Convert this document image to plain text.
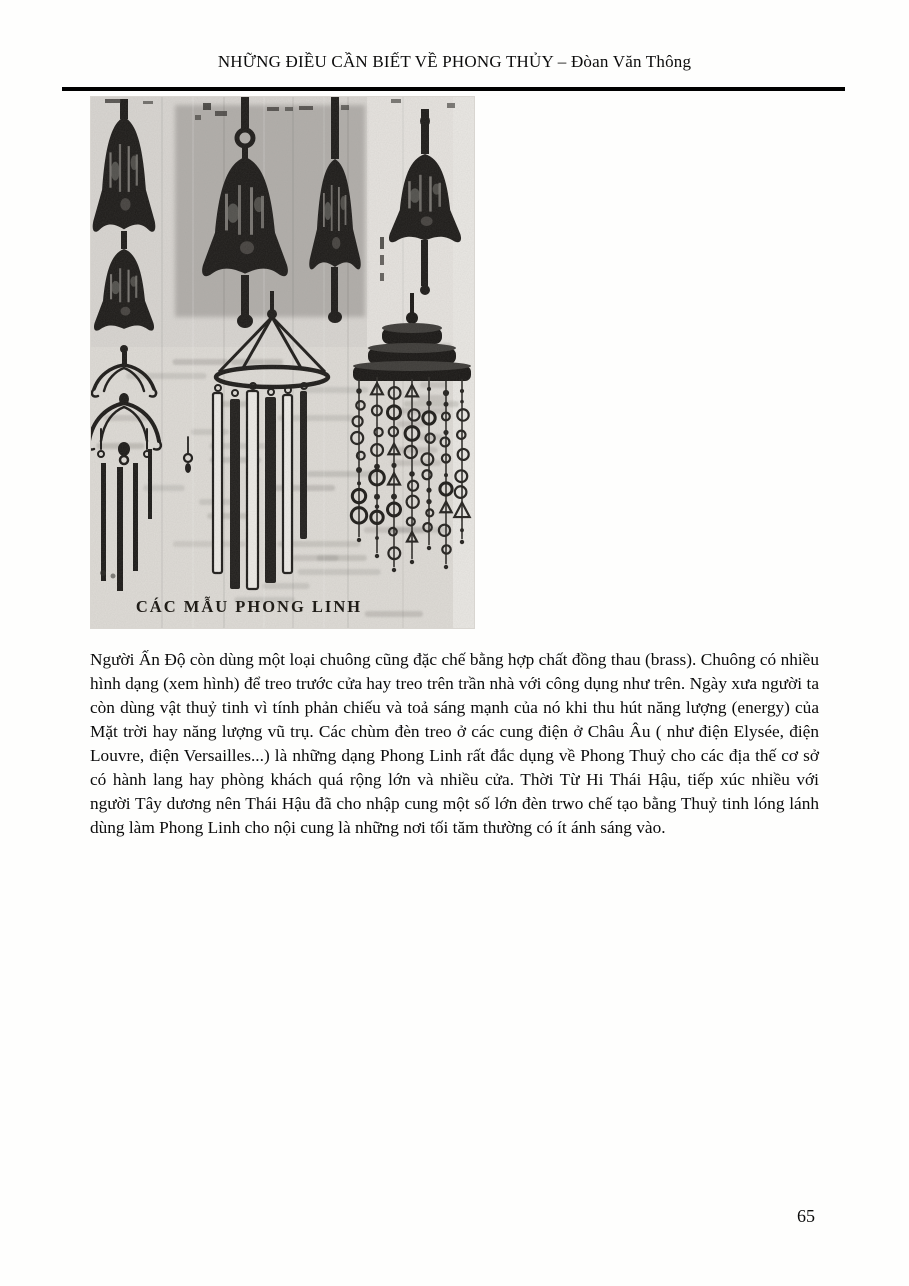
NHỮNG ĐIỀU CẦN BIẾT VỀ PHONG THỦY – Đòan Văn Thông
CÁC MẪU PHONG LINH

Người Ấn Độ còn dùng một loại chuông cũng đặc chế bằng hợp chất đồng thau (brass). Chuông có nhiều hình dạng (xem hình) để treo trước cửa hay treo trên trần nhà với công dụng như trên. Ngày xưa người ta còn dùng vật thuỷ tinh vì tính phản chiếu và toả sáng mạnh của nó khi thu hút năng lượng (energy) của Mặt trời hay năng lượng vũ trụ. Các chùm đèn treo ở các cung điện ở Châu Âu ( như điện Elysée, điện Louvre, điện Versailles...) là những dạng Phong Linh rất đắc dụng về Phong Thuỷ cho các địa thế cơ sở có hành lang hay phòng khách quá rộng lớn và nhiều cửa. Thời Từ Hi Thái Hậu, tiếp xúc nhiều với người Tây dương nên Thái Hậu đã cho nhập cung một số lớn đèn trwo chế tạo bằng Thuỷ tinh lóng lánh dùng làm Phong Linh cho nội cung là những nơi tối tăm thường có ít ánh sáng vào.

65
